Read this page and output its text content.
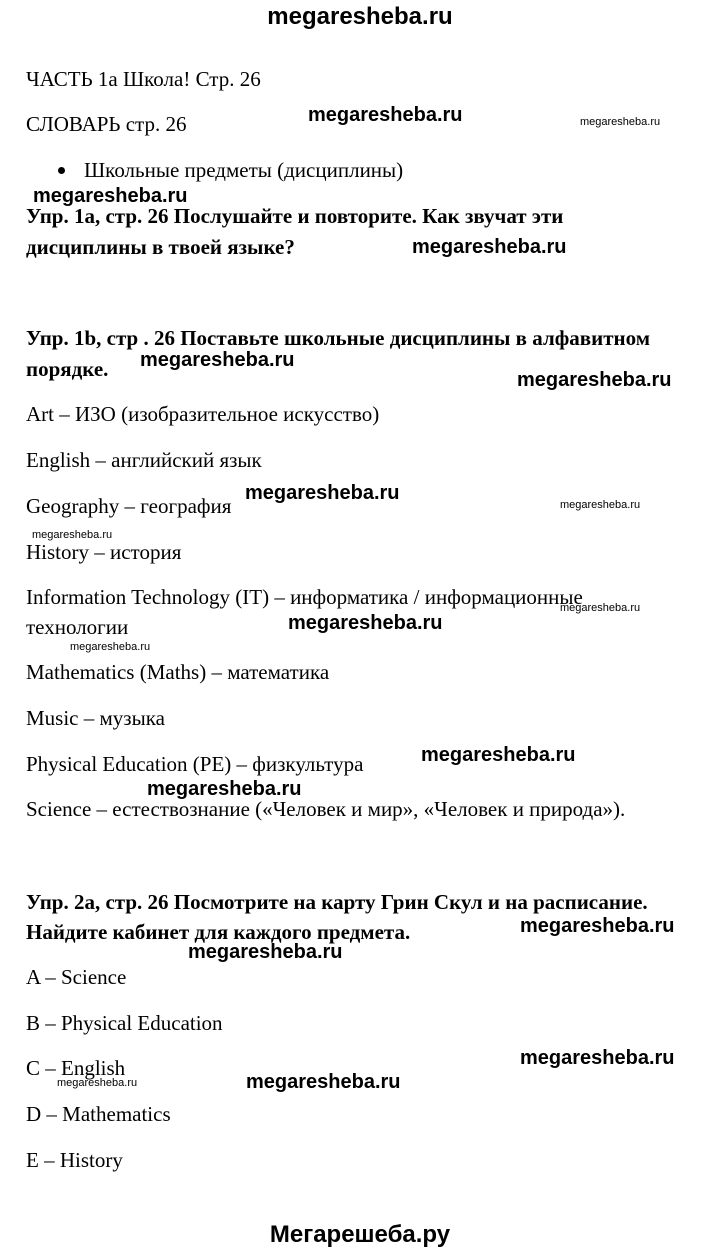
megaresheba.ru
ЧАСТЬ 1а Школа! Стр. 26
СЛОВАРЬ стр. 26
Школьные предметы (дисциплины)
Упр. 1a, стр. 26 Послушайте и повторите. Как звучат эти
дисциплины в твоей языке?
Упр. 1b, стр . 26 Поставьте школьные дисциплины в алфавитном
порядке.
Art – ИЗО (изобразительное искусство)
English – английский язык
Geography – география
History – история
Information Technology (IT) – информатика / информационные
технологии
Mathematics (Maths) – математика
Music – музыка
Physical Education (PE) – физкультура
Science – естествознание («Человек и мир», «Человек и природа»).
Упр. 2a, стр. 26 Посмотрите на карту Грин Скул и на расписание.
Найдите кабинет для каждого предмета.
A – Science
B – Physical Education
C – English
D – Mathematics
E – History
megaresheba.ru
megaresheba.ru
megaresheba.ru
megaresheba.ru
megaresheba.ru
megaresheba.ru
megaresheba.ru
megaresheba.ru
megaresheba.ru
megaresheba.ru
megaresheba.ru
megaresheba.ru
megaresheba.ru
megaresheba.ru
megaresheba.ru
megaresheba.ru
megaresheba.ru
megaresheba.ru
megaresheba.ru
Мегарешеба.ру
